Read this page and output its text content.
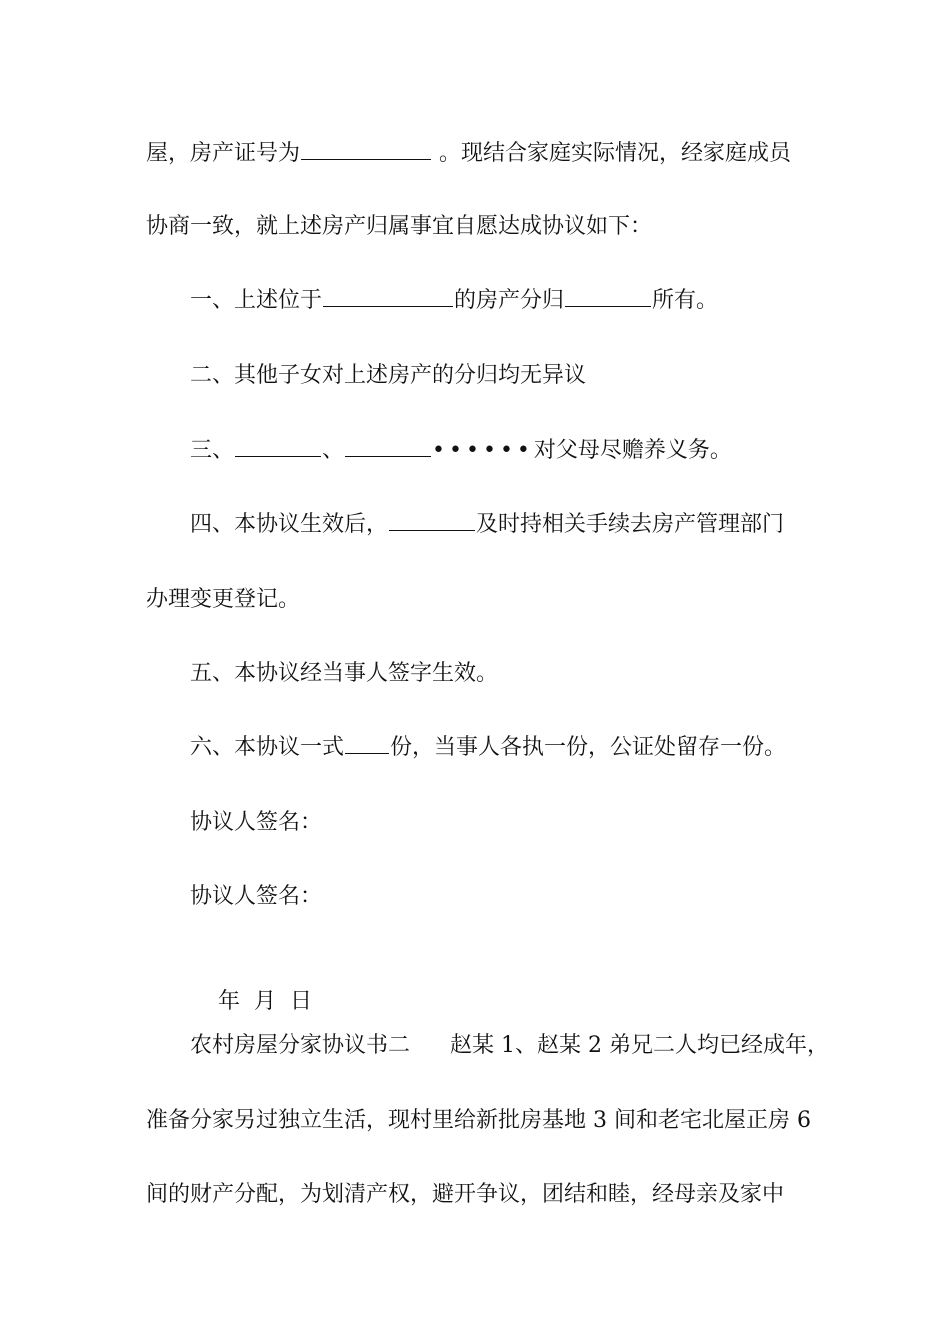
屋，房产证号为	。现结合家庭实际情况，经家庭成员
协商一致，就上述房产归属事宜自愿达成协议如下：
一、上述位于	的房产分归	所有。
二、其他子女对上述房产的分归均无异议
三、	、	••••••对父母尽赡养义务。
四、本协议生效后，	及时持相关手续去房产管理部门
办理变更登记。
五、本协议经当事人签字生效。
六、本协议一式 份，当事人各执一份，公证处留存一份。
协议人签名：
协议人签名：

年  月  日

农村房屋分家协议书二 赵某 1、赵某 2 弟兄二人均已经成年，
准备分家另过独立生活，现村里给新批房基地 3 间和老宅北屋正房 6
间的财产分配，为划清产权，避开争议，团结和睦，经母亲及家中
